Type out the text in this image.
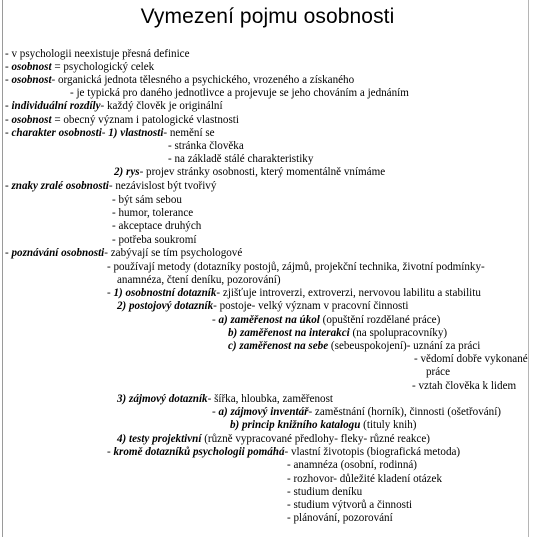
Vymezení pojmu osobnosti
- v psychologii neexistuje přesná definice
- osobnost = psychologický celek
- osobnost- organická jednota tělesného a psychického, vrozeného a získaného
- je typická pro daného jednotlivce a projevuje se jeho chováním a jednáním
- individuální rozdíly- každý člověk je originální
- osobnost = obecný význam i patologické vlastnosti
- charakter osobnosti- 1) vlastnosti- nemění se
- stránka člověka
- na základě stálé charakteristiky
2) rys- projev stránky osobnosti, který momentálně vnímáme
- znaky zralé osobnosti- nezávislost být tvořivý
- být sám sebou
- humor, tolerance
- akceptace druhých
- potřeba soukromí
- poznávání osobnosti- zabývají se tím psychologové
- používají metody (dotazníky postojů, zájmů, projekční technika, životní podmínky-
anamnéza, čtení deníku, pozorování)
- 1) osobnostní dotazník- zjišťuje introverzi, extroverzi, nervovou labilitu a stabilitu
2) postojový dotazník- postoje- velký význam v pracovní činnosti
- a) zaměřenost na úkol (opuštění rozdělané práce)
b) zaměřenost na interakci (na spolupracovníky)
c) zaměřenost na sebe (sebeuspokojení)- uznání za práci
- vědomí dobře vykonané
práce
- vztah člověka k lidem
3) zájmový dotazník- šířka, hloubka, zaměřenost
- a) zájmový inventář- zaměstnání (horník), činnosti (ošetřování)
b) princip knižního katalogu (tituly knih)
4) testy projektivní (různě vypracované předlohy- fleky- různé reakce)
- kromě dotazníků psychologii pomáhá- vlastní životopis (biografická metoda)
- anamnéza (osobní, rodinná)
- rozhovor- důležité kladení otázek
- studium deníku
- studium výtvorů a činnosti
- plánování, pozorování
